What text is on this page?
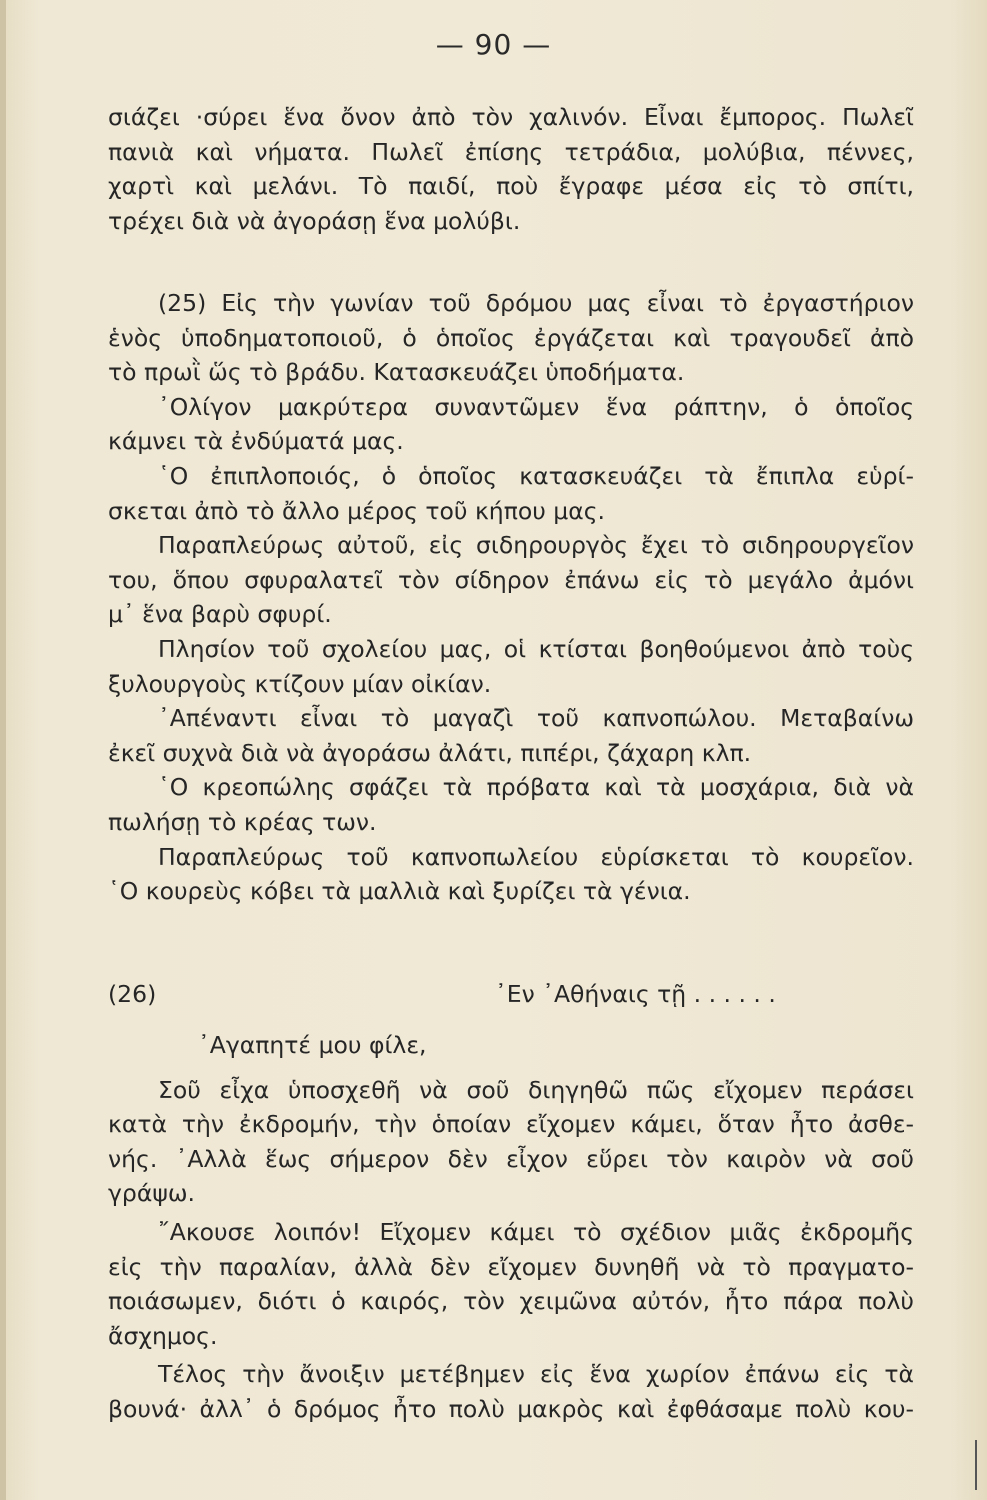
— 90 —
σιάζει ·σύρει ἕνα ὄνον ἀπὸ τὸν χαλινόν. Εἶναι ἔμπορος. Πωλεῖ
πανιὰ καὶ νήματα. Πωλεῖ ἐπίσης τετράδια, μολύβια, πέννες,
χαρτὶ καὶ μελάνι. Τὸ παιδί, ποὺ ἔγραφε μέσα εἰς τὸ σπίτι,
τρέχει διὰ νὰ ἀγοράσῃ ἕνα μολύβι.
(25) Εἰς τὴν γωνίαν τοῦ δρόμου μας εἶναι τὸ ἐργαστήριον
ἑνὸς ὑποδηματοποιοῦ, ὁ ὁποῖος ἐργάζεται καὶ τραγουδεῖ ἀπὸ
τὸ πρωῒ ὥς τὸ βράδυ. Κατασκευάζει ὑποδήματα.
᾿Ολίγον μακρύτερα συναντῶμεν ἕνα ράπτην, ὁ ὁποῖος
κάμνει τὰ ἐνδύματά μας.
῾Ο ἐπιπλοποιός, ὁ ὁποῖος κατασκευάζει τὰ ἔπιπλα εὑρί-
σκεται ἀπὸ τὸ ἄλλο μέρος τοῦ κήπου μας.
Παραπλεύρως αὐτοῦ, εἰς σιδηρουργὸς ἔχει τὸ σιδηρουργεῖον
του, ὅπου σφυραλατεῖ τὸν σίδηρον ἐπάνω εἰς τὸ μεγάλο ἀμόνι
μ᾿ ἕνα βαρὺ σφυρί.
Πλησίον τοῦ σχολείου μας, οἱ κτίσται βοηθούμενοι ἀπὸ τοὺς
ξυλουργοὺς κτίζουν μίαν οἰκίαν.
᾿Απέναντι εἶναι τὸ μαγαζὶ τοῦ καπνοπώλου. Μεταβαίνω
ἐκεῖ συχνὰ διὰ νὰ ἀγοράσω ἀλάτι, πιπέρι, ζάχαρη κλπ.
῾Ο κρεοπώλης σφάζει τὰ πρόβατα καὶ τὰ μοσχάρια, διὰ νὰ
πωλήσῃ τὸ κρέας των.
Παραπλεύρως τοῦ καπνοπωλείου εὑρίσκεται τὸ κουρεῖον.
῾Ο κουρεὺς κόβει τὰ μαλλιὰ καὶ ξυρίζει τὰ γένια.
(26)	᾿Εν ᾿Αθήναις τῇ . . . . . .
᾿Αγαπητέ μου φίλε,
Σοῦ εἶχα ὑποσχεθῆ νὰ σοῦ διηγηθῶ πῶς εἴχομεν περάσει
κατὰ τὴν ἐκδρομήν, τὴν ὁποίαν εἴχομεν κάμει, ὅταν ἦτο ἀσθε-
νής. ᾿Αλλὰ ἕως σήμερον δὲν εἶχον εὕρει τὸν καιρὸν νὰ σοῦ
γράψω.
῎Ακουσε λοιπόν! Εἴχομεν κάμει τὸ σχέδιον μιᾶς ἐκδρομῆς
εἰς τὴν παραλίαν, ἀλλὰ δὲν εἴχομεν δυνηθῆ νὰ τὸ πραγματο-
ποιάσωμεν, διότι ὁ καιρός, τὸν χειμῶνα αὐτόν, ἦτο πάρα πολὺ
ἄσχημος.
Τέλος τὴν ἄνοιξιν μετέβημεν εἰς ἕνα χωρίον ἐπάνω εἰς τὰ
βουνά· ἀλλ᾿ ὁ δρόμος ἦτο πολὺ μακρὸς καὶ ἐφθάσαμε πολὺ κου-
